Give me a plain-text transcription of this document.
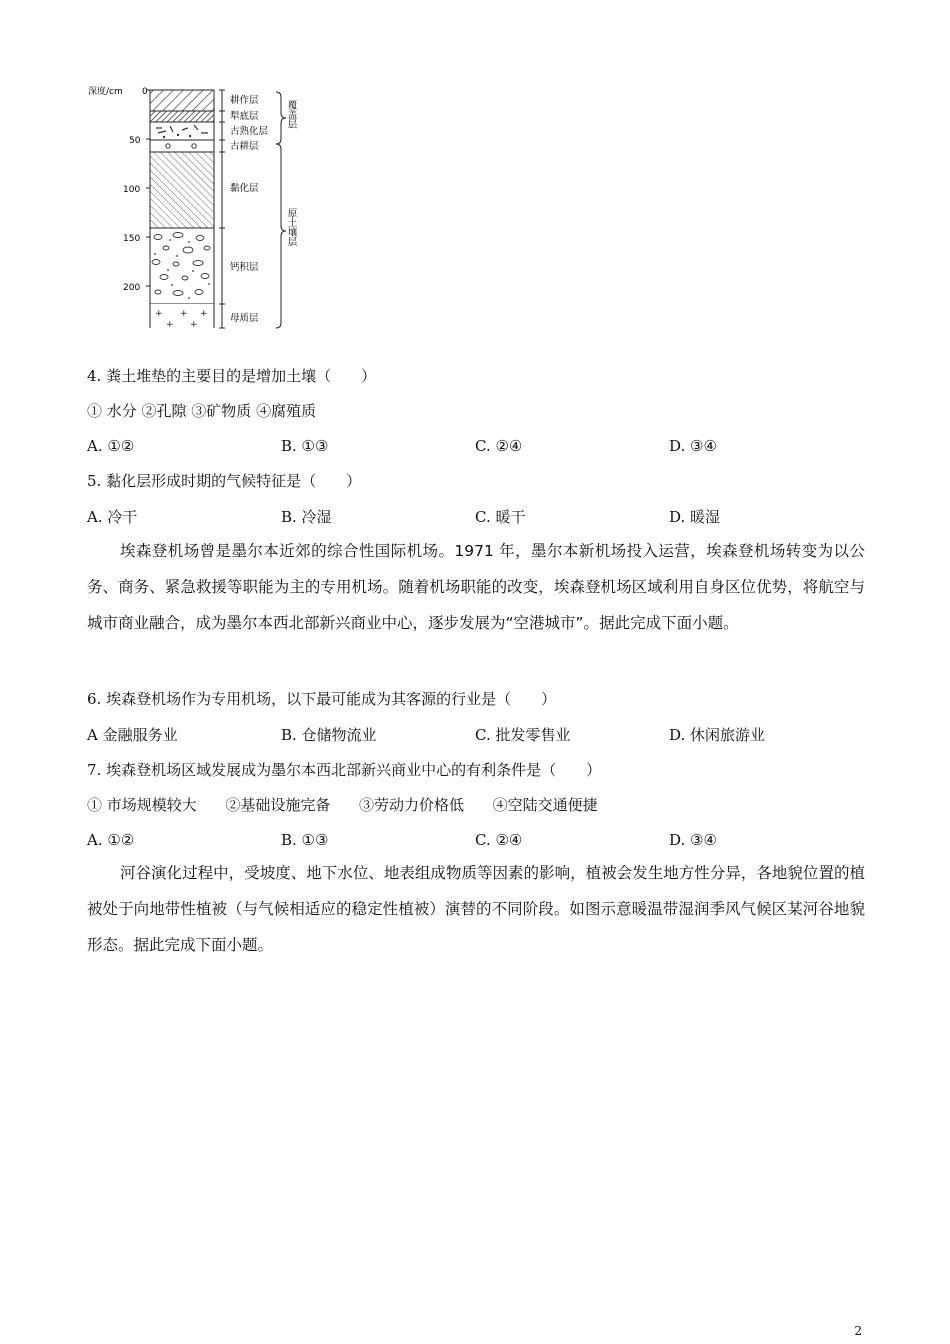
深度/cm 0
50
100
150
200
+ + +
+ +
耕作层
犁底层
古熟化层
古耕层
黏化层
钙积层
母质层
覆盖层
原土壤层
4. 粪土堆垫的主要目的是增加土壤（　　）
① 水分 ②孔隙 ③矿物质 ④腐殖质
A. ①②	B. ①③	C. ②④	D. ③④
5. 黏化层形成时期的气候特征是（　　）
A. 冷干	B. 冷湿	C. 暖干	D. 暖湿
埃森登机场曾是墨尔本近郊的综合性国际机场。1971 年，墨尔本新机场投入运营，埃森登机场转变为以公务、商务、紧急救援等职能为主的专用机场。随着机场职能的改变，埃森登机场区域利用自身区位优势，将航空与城市商业融合，成为墨尔本西北部新兴商业中心，逐步发展为“空港城市”。据此完成下面小题。
6. 埃森登机场作为专用机场，以下最可能成为其客源的行业是（　　）
A 金融服务业	B. 仓储物流业	C. 批发零售业	D. 休闲旅游业
7. 埃森登机场区域发展成为墨尔本西北部新兴商业中心的有利条件是（　　）
① 市场规模较大      ②基础设施完备      ③劳动力价格低      ④空陆交通便捷
A. ①②	B. ①③	C. ②④	D. ③④
河谷演化过程中，受坡度、地下水位、地表组成物质等因素的影响，植被会发生地方性分异，各地貌位置的植被处于向地带性植被（与气候相适应的稳定性植被）演替的不同阶段。如图示意暖温带湿润季风气候区某河谷地貌形态。据此完成下面小题。
2
